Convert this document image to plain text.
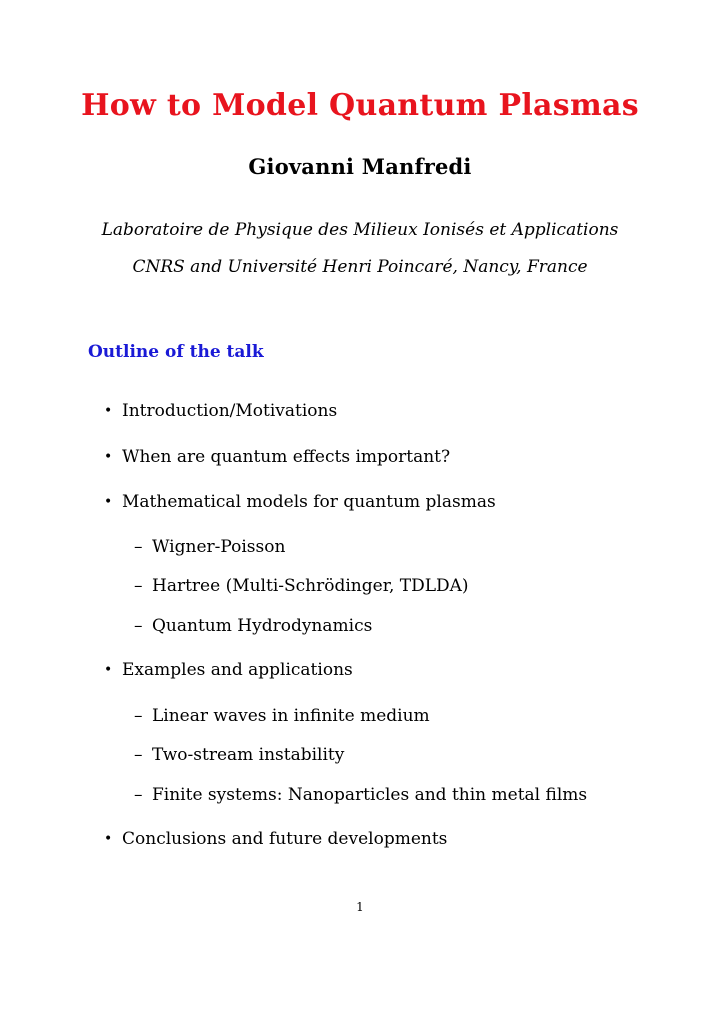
How to Model Quantum Plasmas
Giovanni Manfredi
Laboratoire de Physique des Milieux Ionisés et Applications
CNRS and Université Henri Poincaré, Nancy, France
Outline of the talk
• Introduction/Motivations
• When are quantum effects important?
• Mathematical models for quantum plasmas
– Wigner-Poisson
– Hartree (Multi-Schrödinger, TDLDA)
– Quantum Hydrodynamics
• Examples and applications
– Linear waves in infinite medium
– Two-stream instability
– Finite systems: Nanoparticles and thin metal films
• Conclusions and future developments
1
